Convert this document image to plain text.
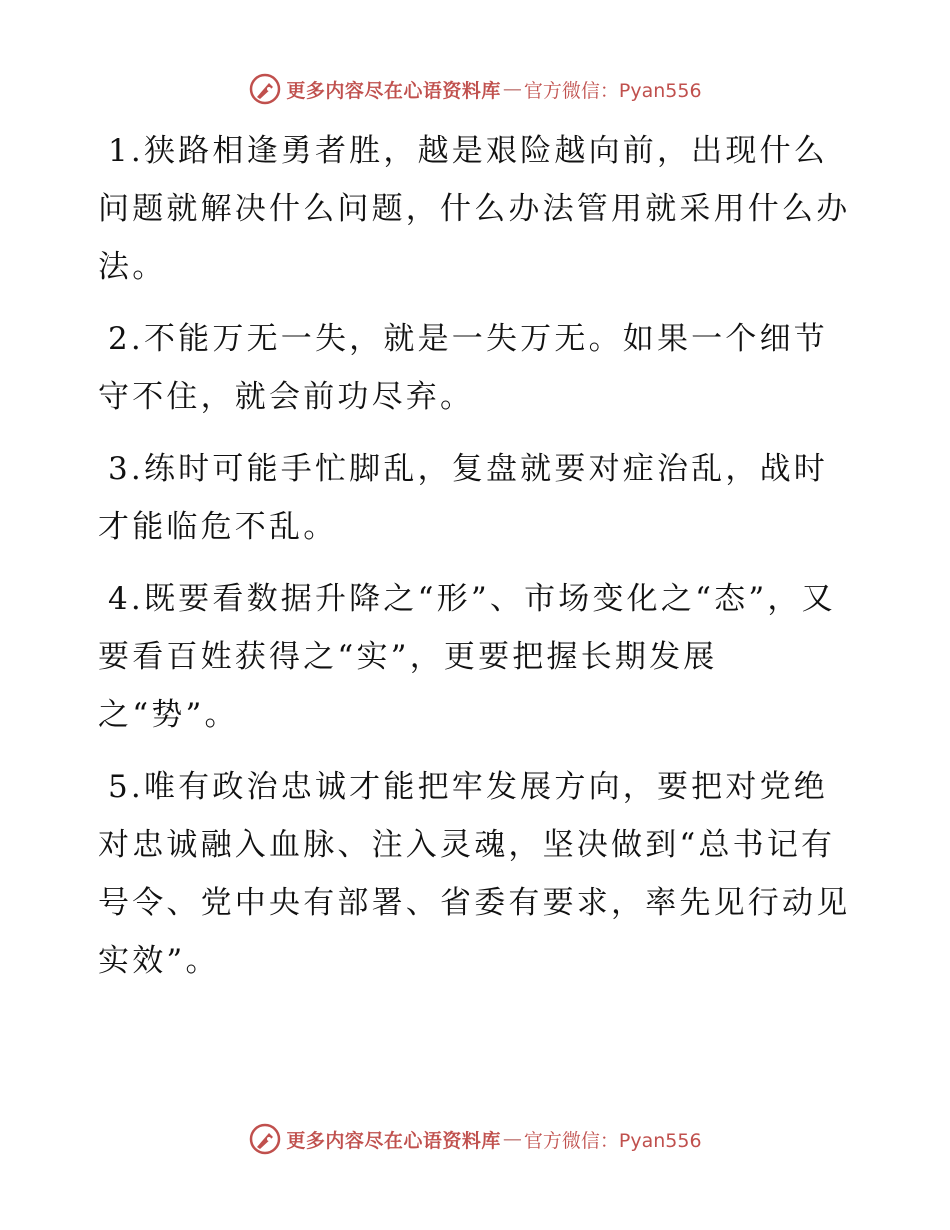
更多内容尽在心语资料库 — 官方微信：Pyan556

1.狭路相逢勇者胜，越是艰险越向前，出现什么问题就解决什么问题，什么办法管用就采用什么办法。

2.不能万无一失，就是一失万无。如果一个细节守不住，就会前功尽弃。

3.练时可能手忙脚乱，复盘就要对症治乱，战时才能临危不乱。

4.既要看数据升降之“形”、市场变化之“态”，又要看百姓获得之“实”，更要把握长期发展之“势”。

5.唯有政治忠诚才能把牢发展方向，要把对党绝对忠诚融入血脉、注入灵魂，坚决做到“总书记有号令、党中央有部署、省委有要求，率先见行动见实效”。

更多内容尽在心语资料库 — 官方微信：Pyan556
